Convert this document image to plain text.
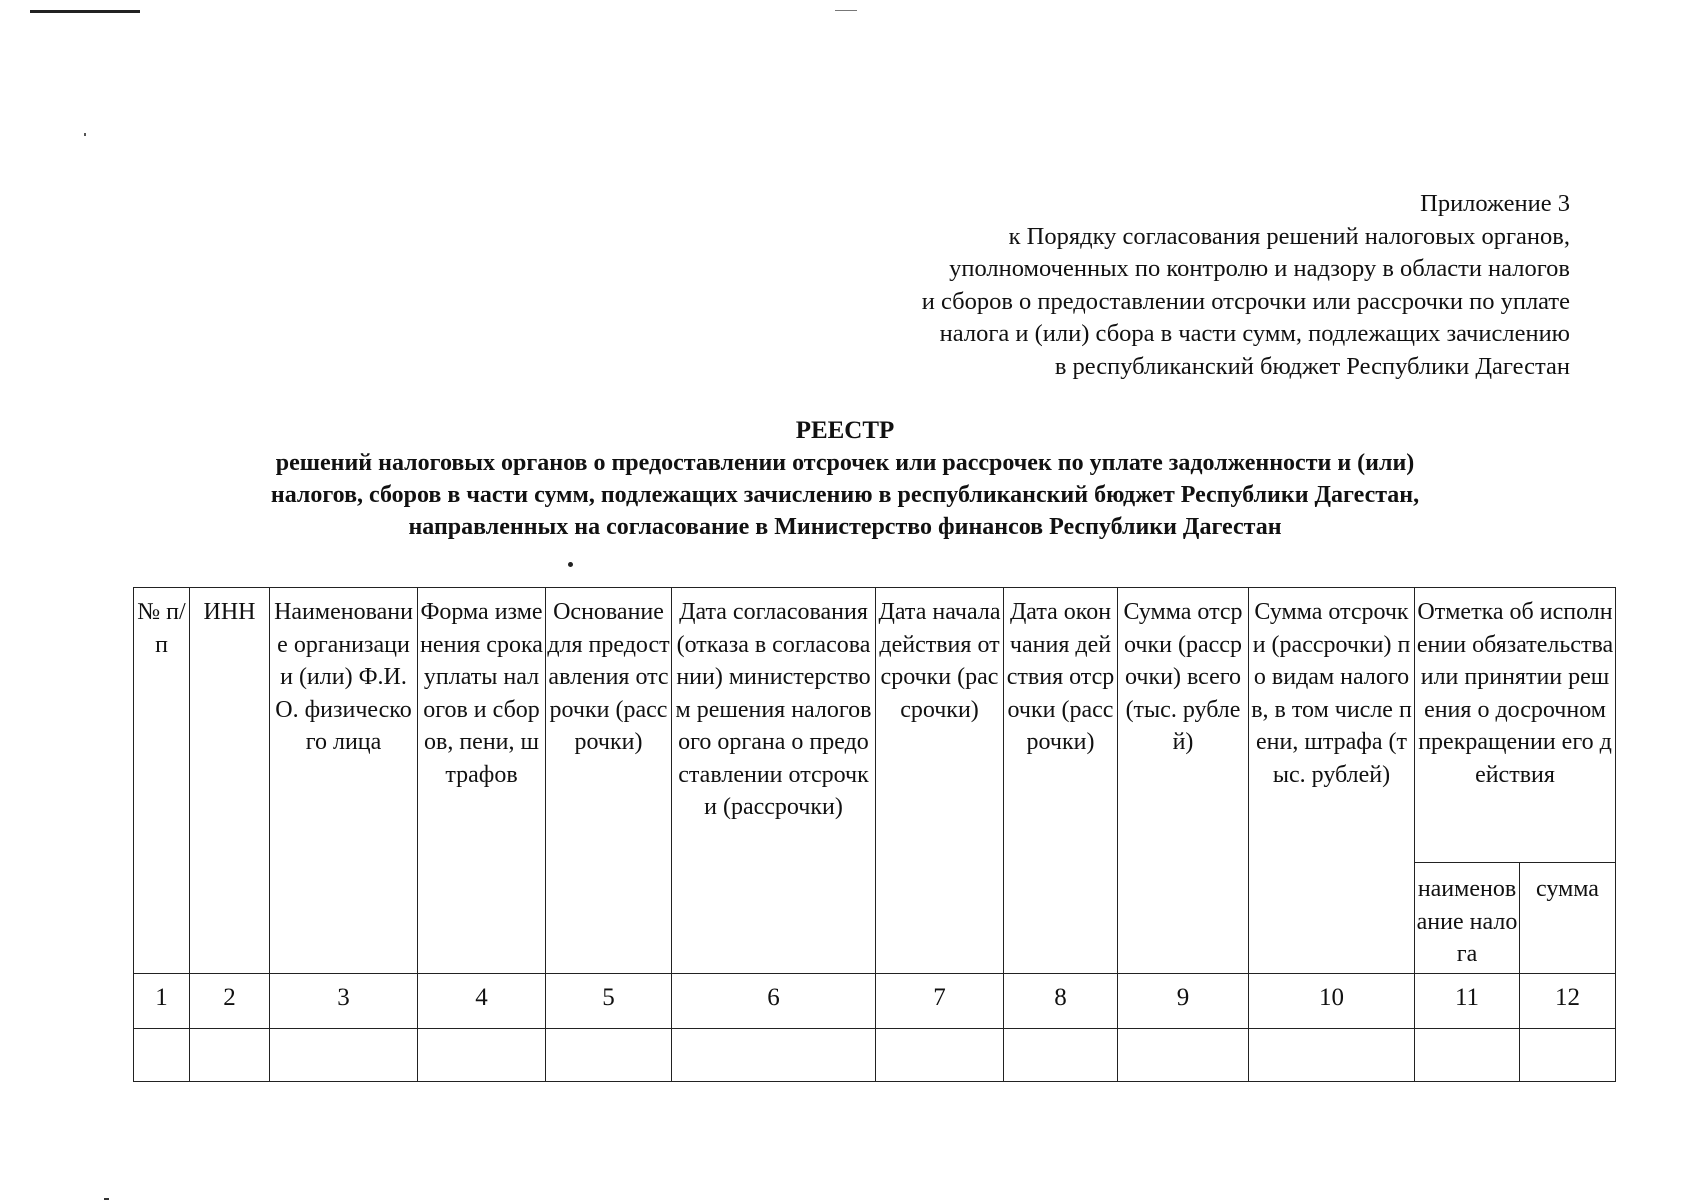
Приложение 3
к Порядку согласования решений налоговых органов,
уполномоченных по контролю и надзору в области налогов
и сборов о предоставлении отсрочки или рассрочки по уплате
налога и (или) сбора в части сумм, подлежащих зачислению
в республиканский бюджет Республики Дагестан
РЕЕСТР
решений налоговых органов о предоставлении отсрочек или рассрочек по уплате задолженности и (или)
налогов, сборов в части сумм, подлежащих зачислению в республиканский бюджет Республики Дагестан,
направленных на согласование в Министерство финансов Республики Дагестан
№ п/п	ИНН	Наименование организации (или) Ф.И.О. физического лица	Форма изменения срока уплаты налогов и сборов, пени, штрафов	Основание для предоставления отсрочки (рассрочки)	Дата согласования (отказа в согласовании) министерством решения налогового органа о предоставлении отсрочки (рассрочки)	Дата начала действия отсрочки (рассрочки)	Дата окончания действия отсрочки (рассрочки)	Сумма отсрочки (рассрочки) всего (тыс. рублей)	Сумма отсрочки (рассрочки) по видам налогов, в том числе пени, штрафа (тыс. рублей)	Отметка об исполнении обязательства или принятии решения о досрочном прекращении его действия	
										наименование налога	сумма
1	2	3	4	5	6	7	8	9	10	11	12
